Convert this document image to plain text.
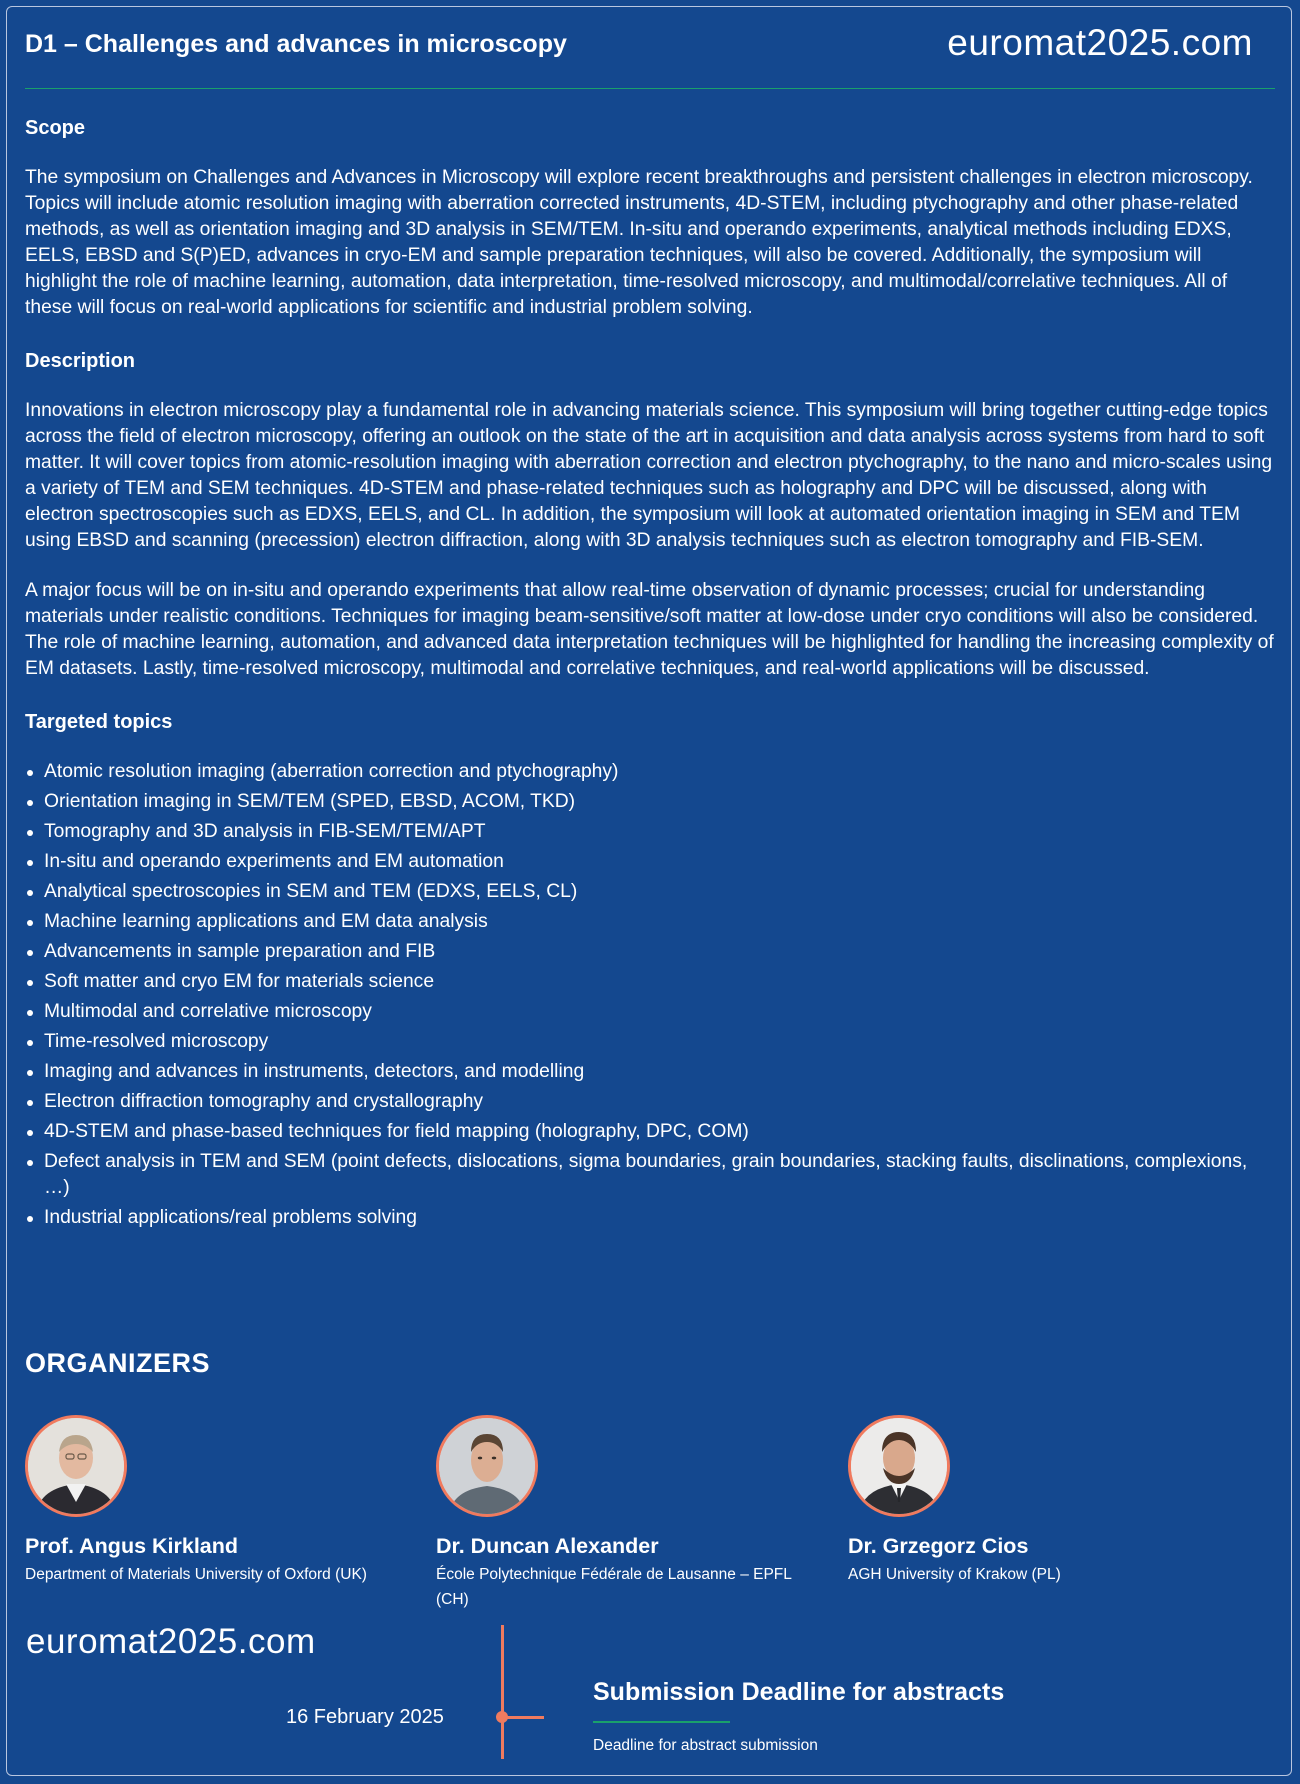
D1 – Challenges and advances in microscopy	euromat2025.com
Scope

The symposium on Challenges and Advances in Microscopy will explore recent breakthroughs and persistent challenges in electron microscopy. Topics will include atomic resolution imaging with aberration corrected instruments, 4D-STEM, including ptychography and other phase-related methods, as well as orientation imaging and 3D analysis in SEM/TEM. In-situ and operando experiments, analytical methods including EDXS, EELS, EBSD and S(P)ED, advances in cryo-EM and sample preparation techniques, will also be covered. Additionally, the symposium will highlight the role of machine learning, automation, data interpretation, time-resolved microscopy, and multimodal/correlative techniques. All of these will focus on real-world applications for scientific and industrial problem solving.

Description

Innovations in electron microscopy play a fundamental role in advancing materials science. This symposium will bring together cutting-edge topics across the field of electron microscopy, offering an outlook on the state of the art in acquisition and data analysis across systems from hard to soft matter. It will cover topics from atomic-resolution imaging with aberration correction and electron ptychography, to the nano and micro-scales using a variety of TEM and SEM techniques. 4D-STEM and phase-related techniques such as holography and DPC will be discussed, along with electron spectroscopies such as EDXS, EELS, and CL. In addition, the symposium will look at automated orientation imaging in SEM and TEM using EBSD and scanning (precession) electron diffraction, along with 3D analysis techniques such as electron tomography and FIB-SEM.

A major focus will be on in-situ and operando experiments that allow real-time observation of dynamic processes; crucial for understanding materials under realistic conditions. Techniques for imaging beam-sensitive/soft matter at low-dose under cryo conditions will also be considered. The role of machine learning, automation, and advanced data interpretation techniques will be highlighted for handling the increasing complexity of EM datasets. Lastly, time-resolved microscopy, multimodal and correlative techniques, and real-world applications will be discussed.

Targeted topics
Atomic resolution imaging (aberration correction and ptychography)
Orientation imaging in SEM/TEM (SPED, EBSD, ACOM, TKD)
Tomography and 3D analysis in FIB-SEM/TEM/APT
In-situ and operando experiments and EM automation
Analytical spectroscopies in SEM and TEM (EDXS, EELS, CL)
Machine learning applications and EM data analysis
Advancements in sample preparation and FIB
Soft matter and cryo EM for materials science
Multimodal and correlative microscopy
Time-resolved microscopy
Imaging and advances in instruments, detectors, and modelling
Electron diffraction tomography and crystallography
4D-STEM and phase-based techniques for field mapping (holography, DPC, COM)
Defect analysis in TEM and SEM (point defects, dislocations, sigma boundaries, grain boundaries, stacking faults, disclinations, complexions, …)
Industrial applications/real problems solving
ORGANIZERS
Prof. Angus Kirkland
Department of Materials University of Oxford (UK)
Dr. Duncan Alexander
École Polytechnique Fédérale de Lausanne – EPFL (CH)
Dr. Grzegorz Cios
AGH University of Krakow (PL)
euromat2025.com
16 February 2025
Submission Deadline for abstracts
Deadline for abstract submission
